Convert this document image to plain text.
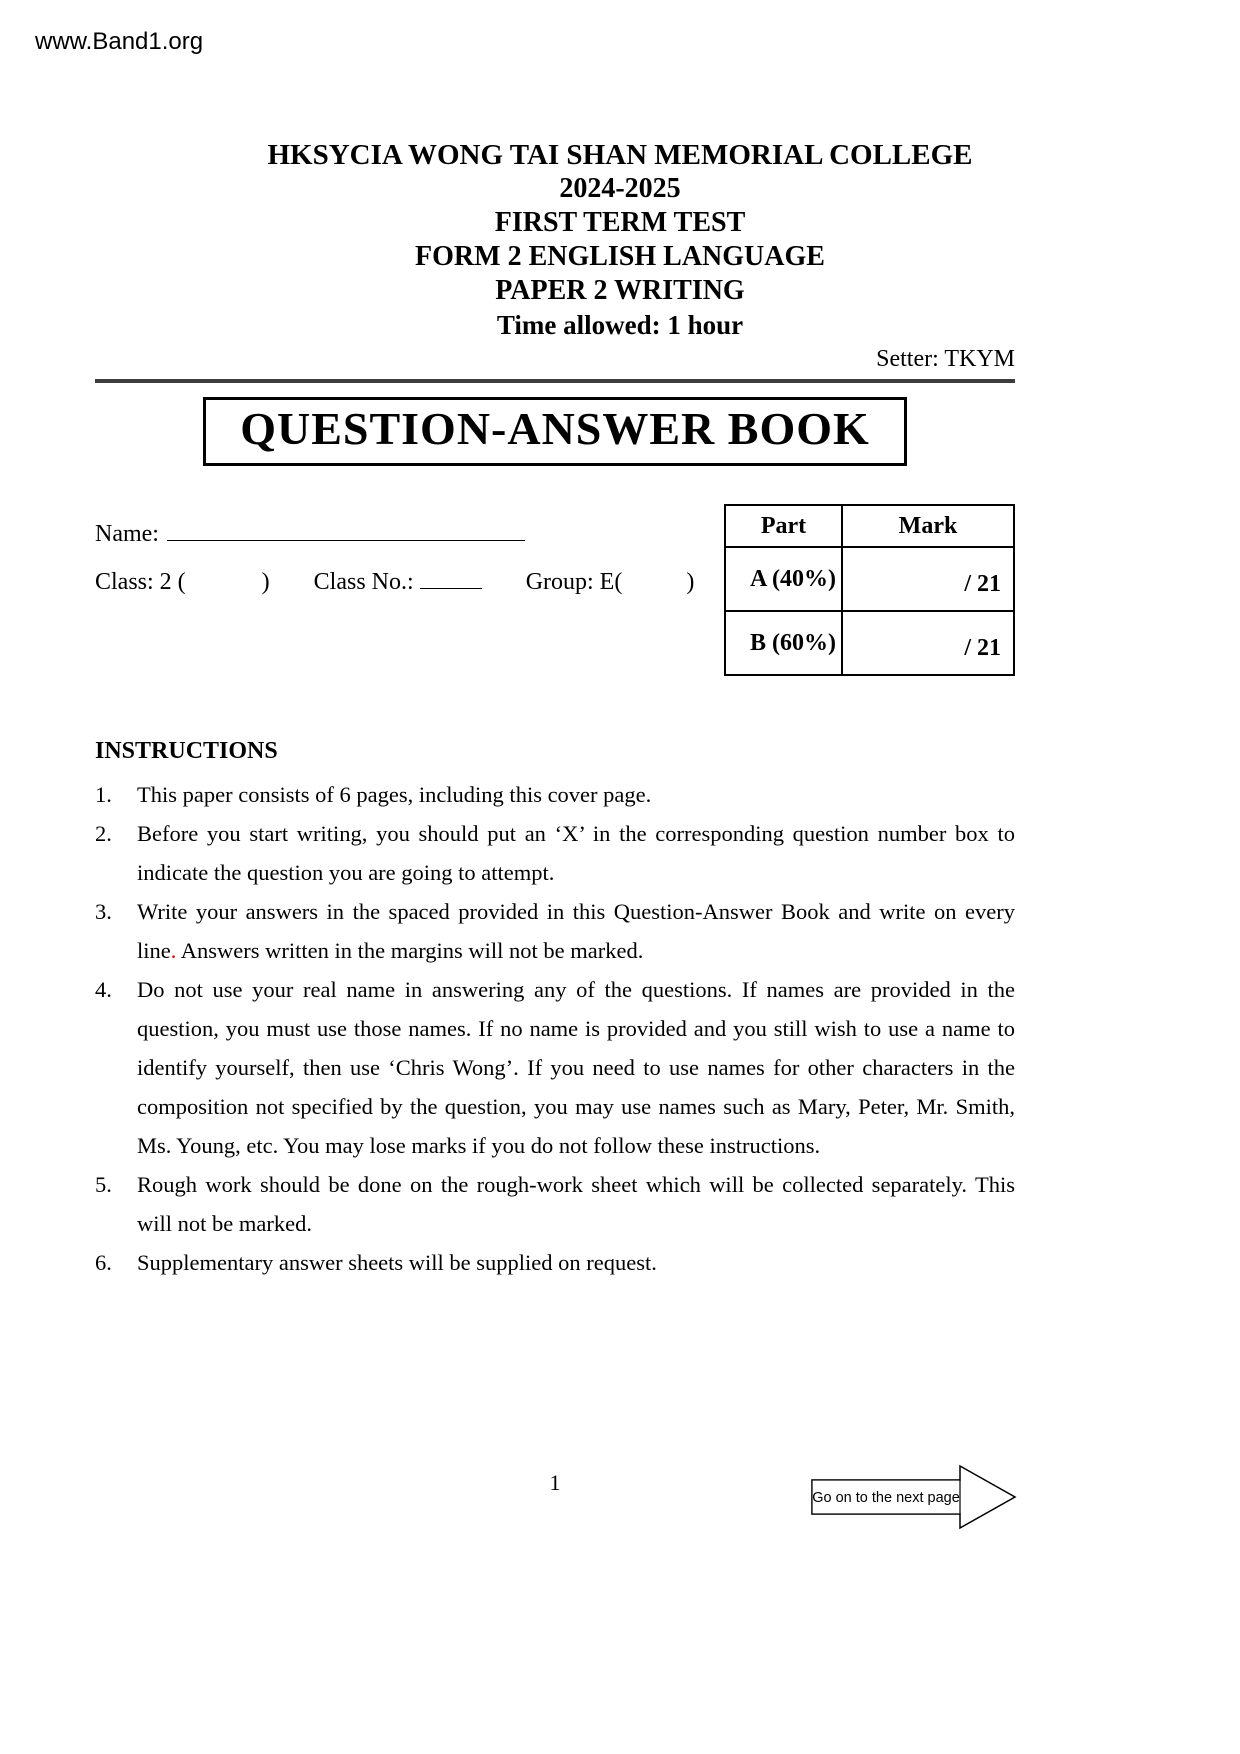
www.Band1.org
HKSYCIA WONG TAI SHAN MEMORIAL COLLEGE
2024-2025
FIRST TERM TEST
FORM 2 ENGLISH LANGUAGE
PAPER 2 WRITING
Time allowed: 1 hour
Setter: TKYM
QUESTION-ANSWER BOOK
Name:
Class: 2 (	) Class No.:	Group: E(	)
Part	Mark
A (40%)	/ 21
B (60%)	/ 21
INSTRUCTIONS
1.	This paper consists of 6 pages, including this cover page.
2.	Before you start writing, you should put an ‘X’ in the corresponding question number box to indicate the question you are going to attempt.
3.	Write your answers in the spaced provided in this Question-Answer Book and write on every line. Answers written in the margins will not be marked.
4.	Do not use your real name in answering any of the questions. If names are provided in the question, you must use those names. If no name is provided and you still wish to use a name to identify yourself, then use ‘Chris Wong’. If you need to use names for other characters in the composition not specified by the question, you may use names such as Mary, Peter, Mr. Smith, Ms. Young, etc. You may lose marks if you do not follow these instructions.
5.	Rough work should be done on the rough-work sheet which will be collected separately. This will not be marked.
6.	Supplementary answer sheets will be supplied on request.
1
Go on to the next page
